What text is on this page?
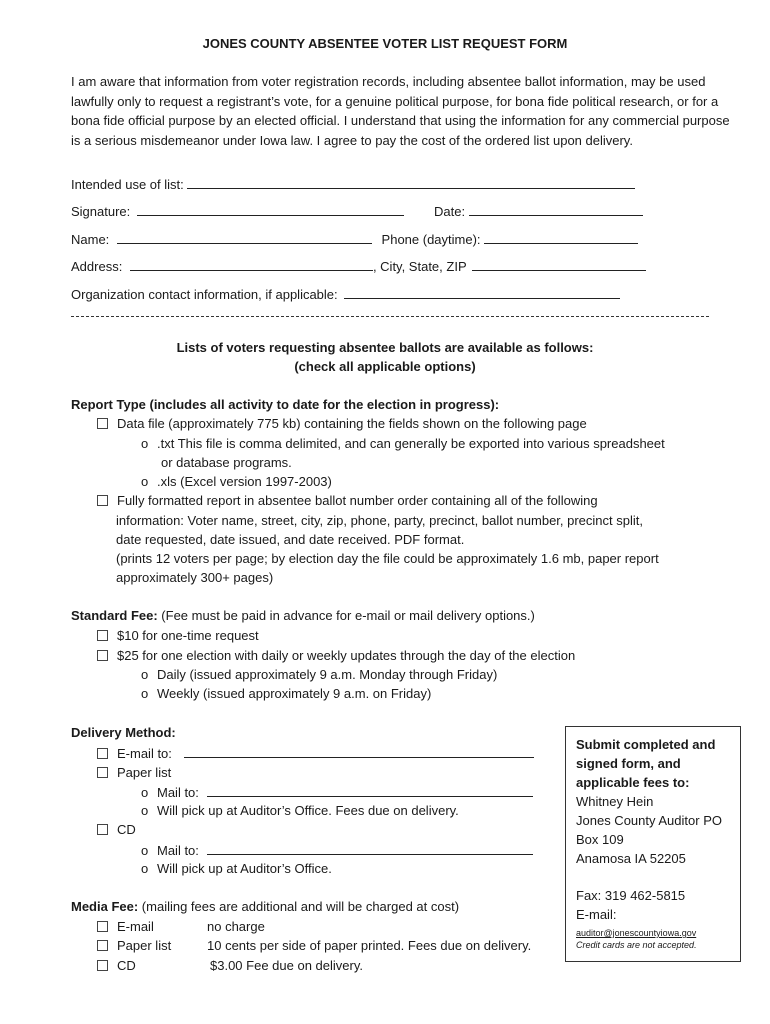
JONES COUNTY ABSENTEE VOTER LIST REQUEST FORM
I am aware that information from voter registration records, including absentee ballot information, may be used lawfully only to request a registrant’s vote, for a genuine political purpose, for bona fide political research, or for a bona fide official purpose by an elected official. I understand that using the information for any commercial purpose is a serious misdemeanor under Iowa law. I agree to pay the cost of the ordered list upon delivery.
Intended use of list:
Signature:	Date:
Name:	Phone (daytime):
Address:	, City, State, ZIP
Organization contact information, if applicable:
Lists of voters requesting absentee ballots are available as follows:
(check all applicable options)
Report Type (includes all activity to date for the election in progress):
Data file (approximately 775 kb) containing the fields shown on the following page
o .txt This file is comma delimited, and can generally be exported into various spreadsheet
or database programs.
o .xls (Excel version 1997-2003)
Fully formatted report in absentee ballot number order containing all of the following
information: Voter name, street, city, zip, phone, party, precinct, ballot number, precinct split,
date requested, date issued, and date received. PDF format.
(prints 12 voters per page; by election day the file could be approximately 1.6 mb, paper report
approximately 300+ pages)
Standard Fee: (Fee must be paid in advance for e-mail or mail delivery options.)
$10 for one-time request
$25 for one election with daily or weekly updates through the day of the election
o Daily (issued approximately 9 a.m. Monday through Friday)
o Weekly (issued approximately 9 a.m. on Friday)
Delivery Method:
E-mail to:
Paper list
o Mail to:
o Will pick up at Auditor’s Office. Fees due on delivery.
CD
o Mail to:
o Will pick up at Auditor’s Office.
Media Fee: (mailing fees are additional and will be charged at cost)
E-mail	no charge
Paper list	10 cents per side of paper printed. Fees due on delivery.
CD	$3.00 Fee due on delivery.
Submit completed and
signed form, and
applicable fees to:
Whitney Hein
Jones County Auditor PO
Box 109
Anamosa IA 52205
Fax: 319 462-5815
E-mail:
auditor@jonescountyiowa.gov
Credit cards are not accepted.
